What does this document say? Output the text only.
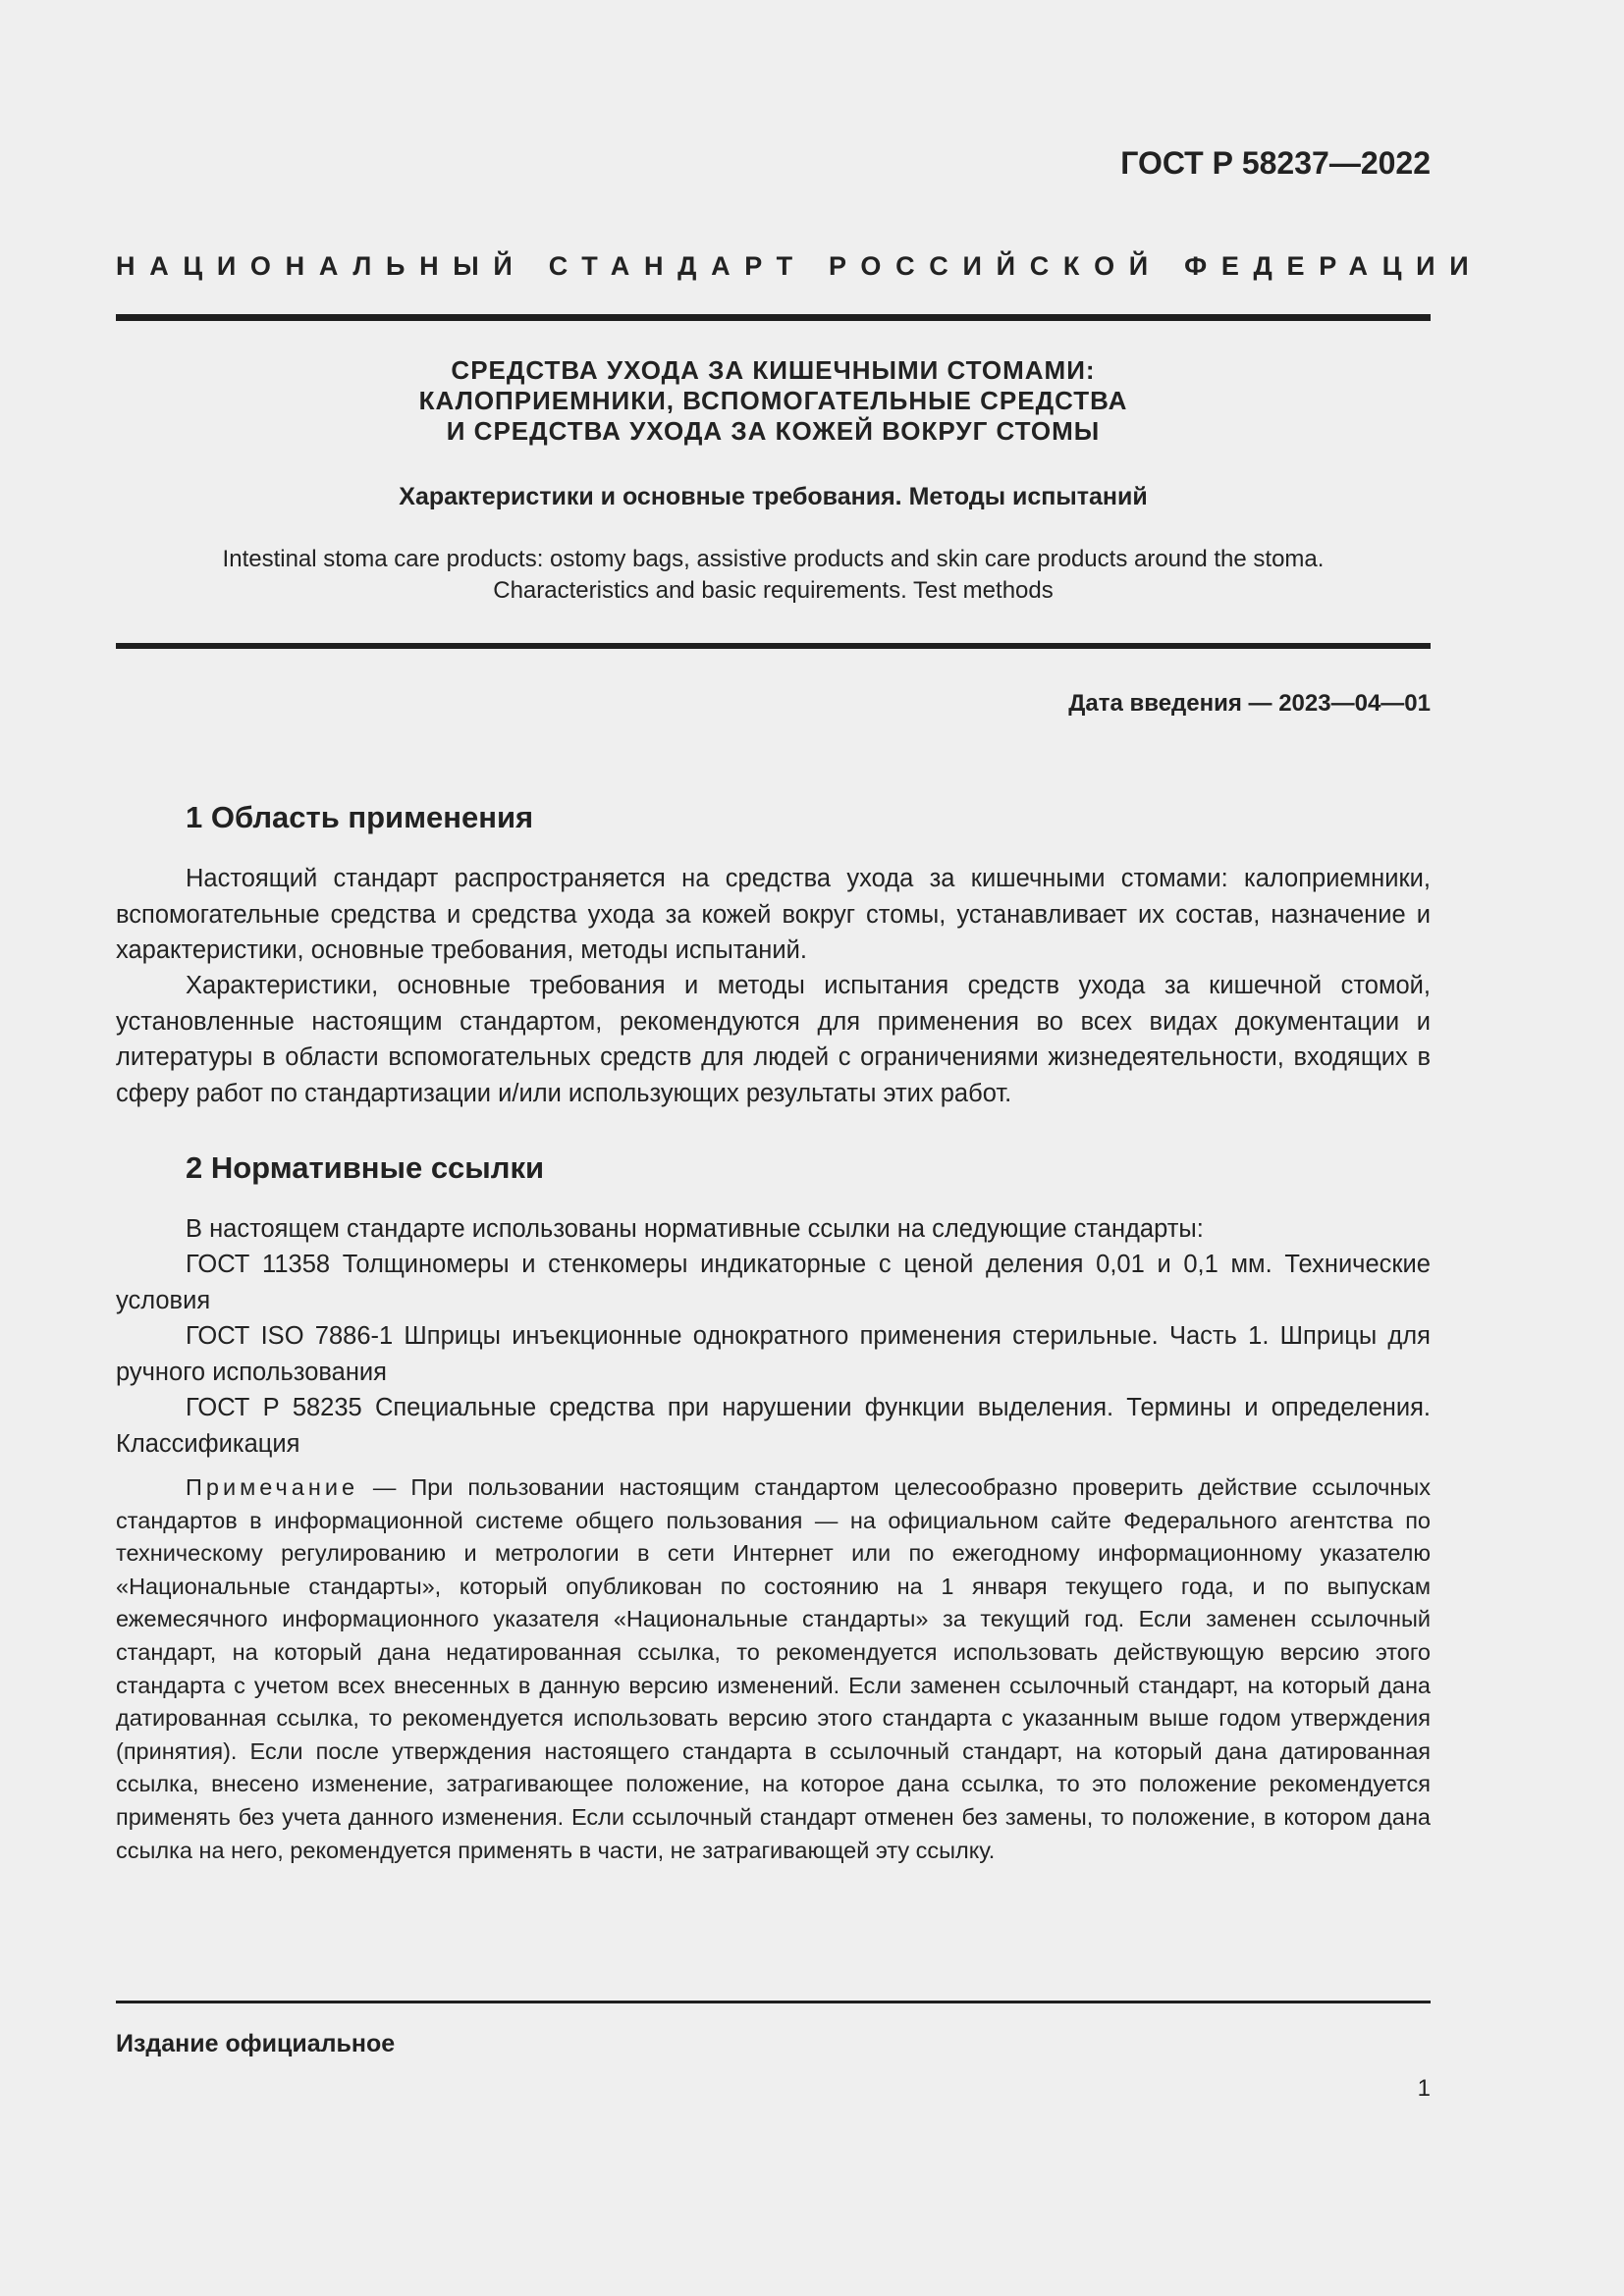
ГОСТ Р 58237—2022
НАЦИОНАЛЬНЫЙ СТАНДАРТ РОССИЙСКОЙ ФЕДЕРАЦИИ
СРЕДСТВА УХОДА ЗА КИШЕЧНЫМИ СТОМАМИ:
КАЛОПРИЕМНИКИ, ВСПОМОГАТЕЛЬНЫЕ СРЕДСТВА
И СРЕДСТВА УХОДА ЗА КОЖЕЙ ВОКРУГ СТОМЫ
Характеристики и основные требования. Методы испытаний
Intestinal stoma care products: ostomy bags, assistive products and skin care products around the stoma.
Characteristics and basic requirements. Test methods
Дата введения — 2023—04—01
1 Область применения
Настоящий стандарт распространяется на средства ухода за кишечными стомами: калоприемники, вспомогательные средства и средства ухода за кожей вокруг стомы, устанавливает их состав, назначение и характеристики, основные требования, методы испытаний.
Характеристики, основные требования и методы испытания средств ухода за кишечной стомой, установленные настоящим стандартом, рекомендуются для применения во всех видах документации и литературы в области вспомогательных средств для людей с ограничениями жизнедеятельности, входящих в сферу работ по стандартизации и/или использующих результаты этих работ.
2 Нормативные ссылки
В настоящем стандарте использованы нормативные ссылки на следующие стандарты:
ГОСТ 11358 Толщиномеры и стенкомеры индикаторные с ценой деления 0,01 и 0,1 мм. Технические условия
ГОСТ ISO 7886-1 Шприцы инъекционные однократного применения стерильные. Часть 1. Шприцы для ручного использования
ГОСТ Р 58235 Специальные средства при нарушении функции выделения. Термины и определения. Классификация
Примечание — При пользовании настоящим стандартом целесообразно проверить действие ссылочных стандартов в информационной системе общего пользования — на официальном сайте Федерального агентства по техническому регулированию и метрологии в сети Интернет или по ежегодному информационному указателю «Национальные стандарты», который опубликован по состоянию на 1 января текущего года, и по выпускам ежемесячного информационного указателя «Национальные стандарты» за текущий год. Если заменен ссылочный стандарт, на который дана недатированная ссылка, то рекомендуется использовать действующую версию этого стандарта с учетом всех внесенных в данную версию изменений. Если заменен ссылочный стандарт, на который дана датированная ссылка, то рекомендуется использовать версию этого стандарта с указанным выше годом утверждения (принятия). Если после утверждения настоящего стандарта в ссылочный стандарт, на который дана датированная ссылка, внесено изменение, затрагивающее положение, на которое дана ссылка, то это положение рекомендуется применять без учета данного изменения. Если ссылочный стандарт отменен без замены, то положение, в котором дана ссылка на него, рекомендуется применять в части, не затрагивающей эту ссылку.
Издание официальное
1
